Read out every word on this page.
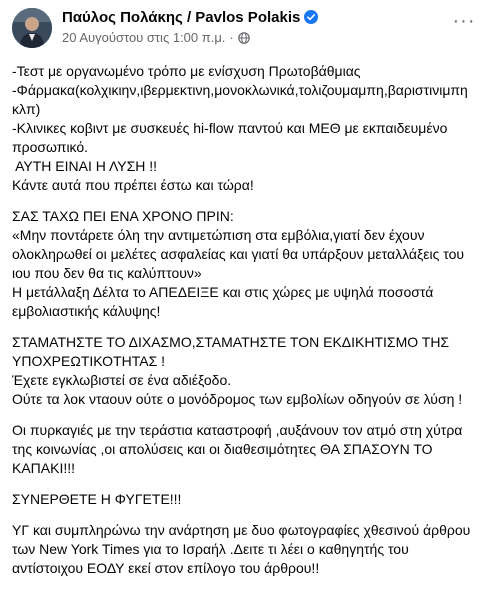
Παύλος Πολάκης / Pavlos Polakis
20 Αυγούστου στις 1:00 π.μ. ·
···

-Τεστ με οργανωμένο τρόπο με ενίσχυση Πρωτοβάθμιας

-Φάρμακα(κολχικιην,ιβερμεκτινη,μονοκλωνικά,τολιζουμαμπη,βαριστινιμπη κλπ)

-Κλινικες κοβιντ με συσκευές hi-flow παντού και ΜΕΘ με εκπαιδευμένο προσωπικό.

ΑΥΤΗ ΕΙΝΑΙ Η ΛΥΣΗ !!

Κάντε αυτά που πρέπει έστω και τώρα!

ΣΑΣ ΤΑΧΩ ΠΕΙ ΕΝΑ ΧΡΟΝΟ ΠΡΙΝ:

«Μην ποντάρετε όλη την αντιμετώπιση στα εμβόλια,γιατί δεν έχουν ολοκληρωθεί οι μελέτες ασφαλείας και γιατί θα υπάρξουν μεταλλάξεις του ιου που δεν θα τις καλύπτουν»

Η μετάλλαξη Δέλτα το ΑΠΕΔΕΙΞΕ και στις χώρες με υψηλά ποσοστά εμβολιαστικής κάλυψης!

ΣΤΑΜΑΤΗΣΤΕ ΤΟ ΔΙΧΑΣΜΟ,ΣΤΑΜΑΤΗΣΤΕ ΤΟΝ ΕΚΔΙΚΗΤΙΣΜΟ ΤΗΣ ΥΠΟΧΡΕΩΤΙΚΟΤΗΤΑΣ !

Έχετε εγκλωβιστεί σε ένα αδιέξοδο.

Ούτε τα λοκ νταουν ούτε ο μονόδρομος των εμβολίων οδηγούν σε λύση !

Οι πυρκαγιές με την τεράστια καταστροφή ,αυξάνουν τον ατμό στη χύτρα της κοινωνίας ,οι απολύσεις και οι διαθεσιμότητες ΘΑ ΣΠΑΣΟΥΝ ΤΟ ΚΑΠΑΚΙ!!!

ΣΥΝΕΡΘΕΤΕ Η ΦΥΓΕΤΕ!!!

ΥΓ και συμπληρώνω την ανάρτηση με δυο φωτογραφίες χθεσινού άρθρου των New York Times για το Ισραήλ .Δειτε τι λέει ο καθηγητής του αντίστοιχου ΕΟΔΥ εκεί στον επίλογο του άρθρου!!
